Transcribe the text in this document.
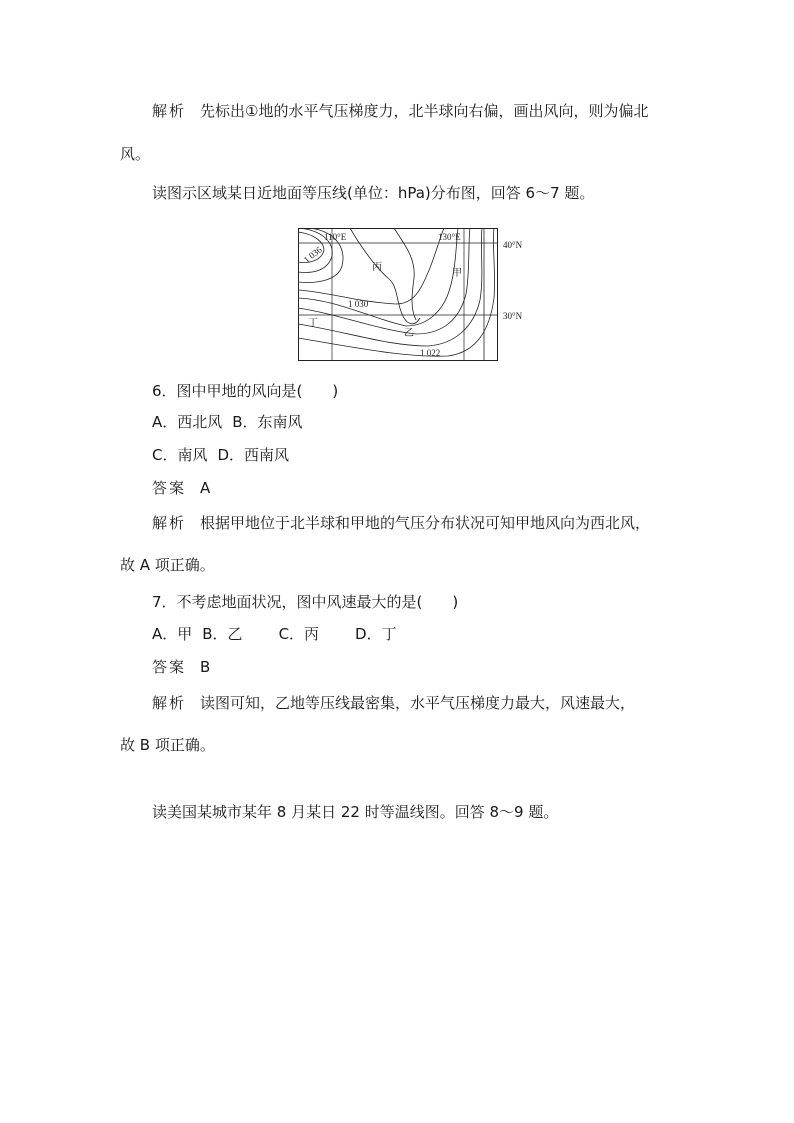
解析 先标出①地的水平气压梯度力，北半球向右偏，画出风向，则为偏北
风。
读图示区域某日近地面等压线(单位：hPa)分布图，回答 6～7 题。
110°E	130°E
1 036
1 030
1 022
丙
甲
乙
丁
40°N
30°N
6．图中甲地的风向是(　　)
A．西北风 B．东南风
C．南风 D．西南风
答案 A
解析 根据甲地位于北半球和甲地的气压分布状况可知甲地风向为西北风，
故 A 项正确。
7．不考虑地面状况，图中风速最大的是(　　)
A．甲 B．乙 C．丙 D．丁
答案 B
解析 读图可知，乙地等压线最密集，水平气压梯度力最大，风速最大，
故 B 项正确。
读美国某城市某年 8 月某日 22 时等温线图。回答 8～9 题。
